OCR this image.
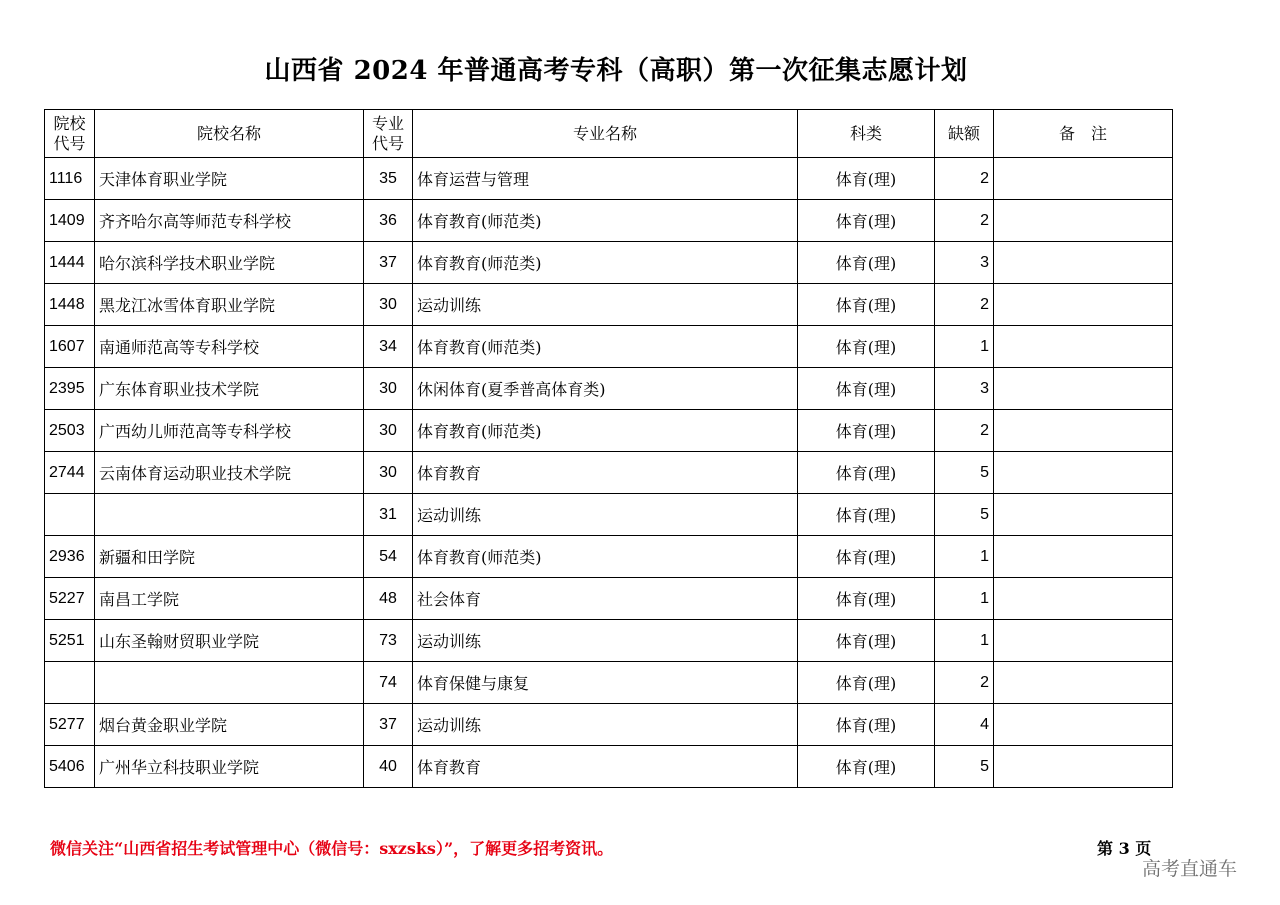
山西省 2024 年普通高考专科（高职）第一次征集志愿计划
院校代号	院校名称	专业代号	专业名称	科类	缺额	备　注
1116	天津体育职业学院	35	体育运营与管理	体育(理)	2	
1409	齐齐哈尔高等师范专科学校	36	体育教育(师范类)	体育(理)	2	
1444	哈尔滨科学技术职业学院	37	体育教育(师范类)	体育(理)	3	
1448	黑龙江冰雪体育职业学院	30	运动训练	体育(理)	2	
1607	南通师范高等专科学校	34	体育教育(师范类)	体育(理)	1	
2395	广东体育职业技术学院	30	休闲体育(夏季普高体育类)	体育(理)	3	
2503	广西幼儿师范高等专科学校	30	体育教育(师范类)	体育(理)	2	
2744	云南体育运动职业技术学院	30	体育教育	体育(理)	5	
		31	运动训练	体育(理)	5	
2936	新疆和田学院	54	体育教育(师范类)	体育(理)	1	
5227	南昌工学院	48	社会体育	体育(理)	1	
5251	山东圣翰财贸职业学院	73	运动训练	体育(理)	1	
		74	体育保健与康复	体育(理)	2	
5277	烟台黄金职业学院	37	运动训练	体育(理)	4	
5406	广州华立科技职业学院	40	体育教育	体育(理)	5	
微信关注“山西省招生考试管理中心（微信号：sxzsks）”，了解更多招考资讯。	第 3 页
高考直通车
